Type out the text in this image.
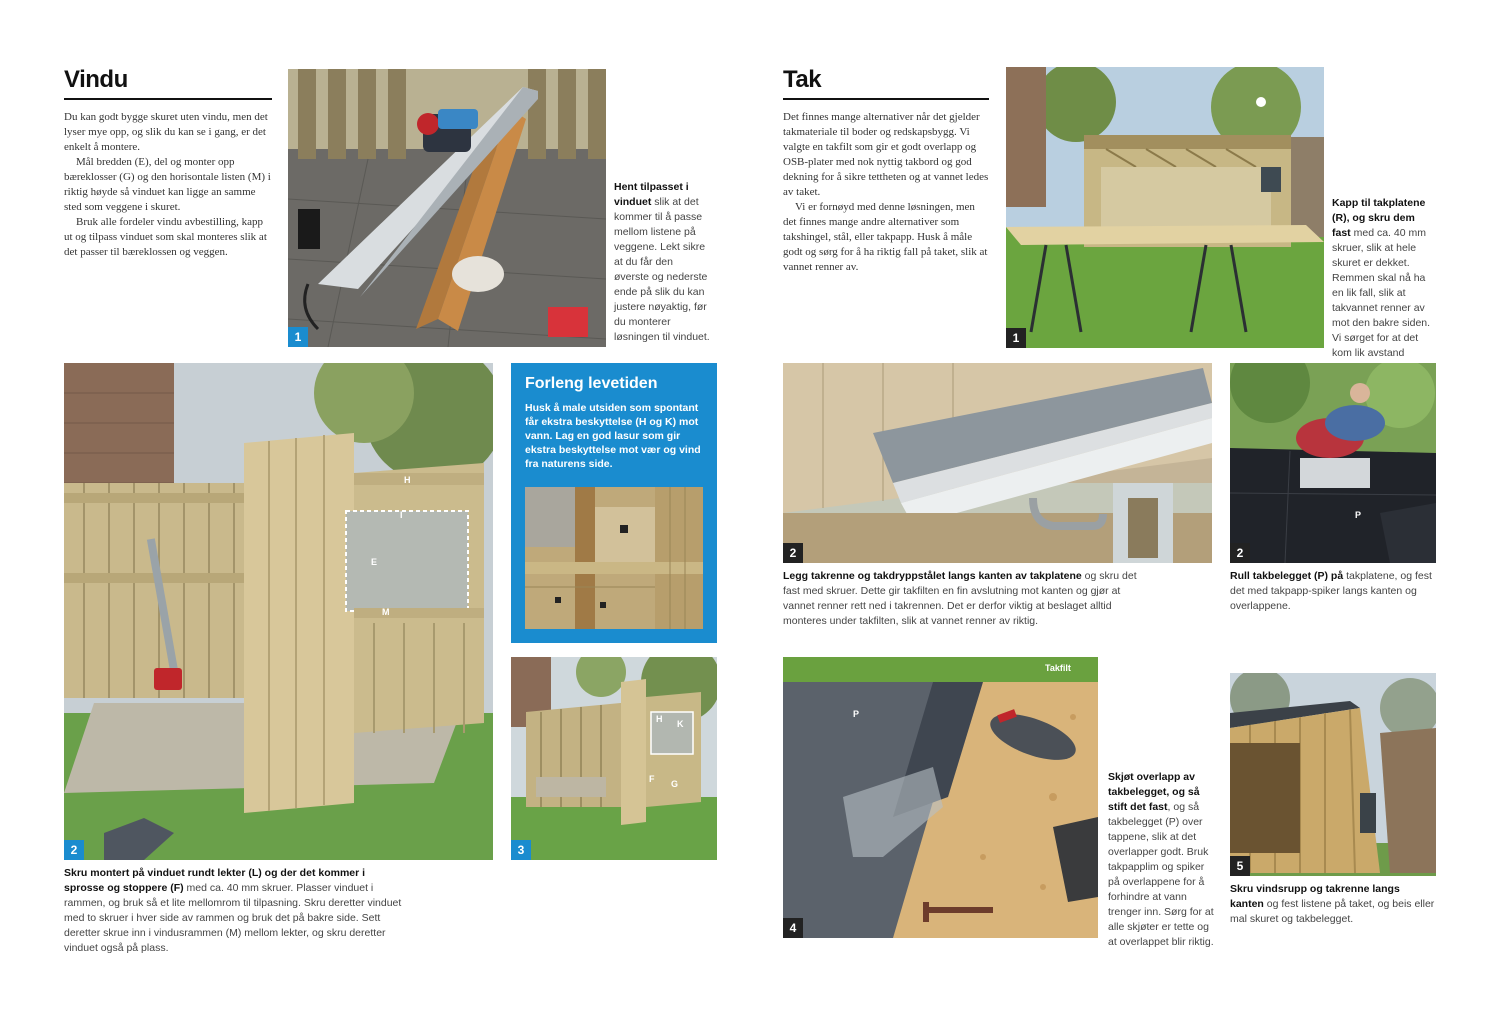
Vindu

Du kan godt bygge skuret uten vindu, men det lyser mye opp, og slik du kan se i gang, er det enkelt å montere.

Mål bredden (E), del og monter opp bæreklosser (G) og den horisontale listen (M) i riktig høyde så vinduet kan ligge an samme sted som veggene i skuret.

Bruk alle fordeler vindu avbestilling, kapp ut og tilpass vinduet som skal monteres slik at det passer til bæreklossen og veggen.

1
Hent tilpasset i vinduet slik at det kommer til å passe mellom listene på veggene. Lekt sikre at du får den øverste og nederste ende på slik du kan justere nøyaktig, før du monterer løsningen til vinduet.
H
I
E
M
2
Skru montert på vinduet rundt lekter (L) og der det kommer i sprosse og stoppere (F) med ca. 40 mm skruer. Plasser vinduet i rammen, og bruk så et lite mellomrom til tilpasning. Skru deretter vinduet med to skruer i hver side av rammen og bruk det på bakre side. Sett deretter skrue inn i vindusrammen (M) mellom lekter, og skru deretter vinduet også på plass.
Forleng levetiden

Husk å male utsiden som spontant får ekstra beskyttelse (H og K) mot vann. Lag en god lasur som gir ekstra beskyttelse mot vær og vind fra naturens side.

H K
F G
3
Tak

Det finnes mange alternativer når det gjelder takmateriale til boder og redskapsbygg. Vi valgte en takfilt som gir et godt overlapp og OSB-plater med nok nyttig takbord og god dekning for å sikre tettheten og at vannet ledes av taket.

Vi er fornøyd med denne løsningen, men det finnes mange andre alternativer som takshingel, stål, eller takpapp. Husk å måle godt og sørg for å ha riktig fall på taket, slik at vannet renner av.

1
Kapp til takplatene (R), og skru dem fast med ca. 40 mm skruer, slik at hele skuret er dekket. Remmen skal nå ha en lik fall, slik at takvannet renner av mot den bakre siden. Vi sørget for at det kom lik avstand
2
Legg takrenne og takdryppstålet langs kanten av takplatene og skru det fast med skruer. Dette gir takfilten en fin avslutning mot kanten og gjør at vannet renner rett ned i takrennen. Det er derfor viktig at beslaget alltid monteres under takfilten, slik at vannet renner av riktig.
P
2
Rull takbelegget (P) på takplatene, og fest det med takpapp-spiker langs kanten og overlappene.
Takfilt
P
4
Skjøt overlapp av takbelegget, og så stift det fast, og så takbelegget (P) over tappene, slik at det overlapper godt. Bruk takpapplim og spiker på overlappene for å forhindre at vann trenger inn. Sørg for at alle skjøter er tette og at overlappet blir riktig.
5
Skru vindsrupp og takrenne langs kanten og fest listene på taket, og beis eller mal skuret og takbelegget.
